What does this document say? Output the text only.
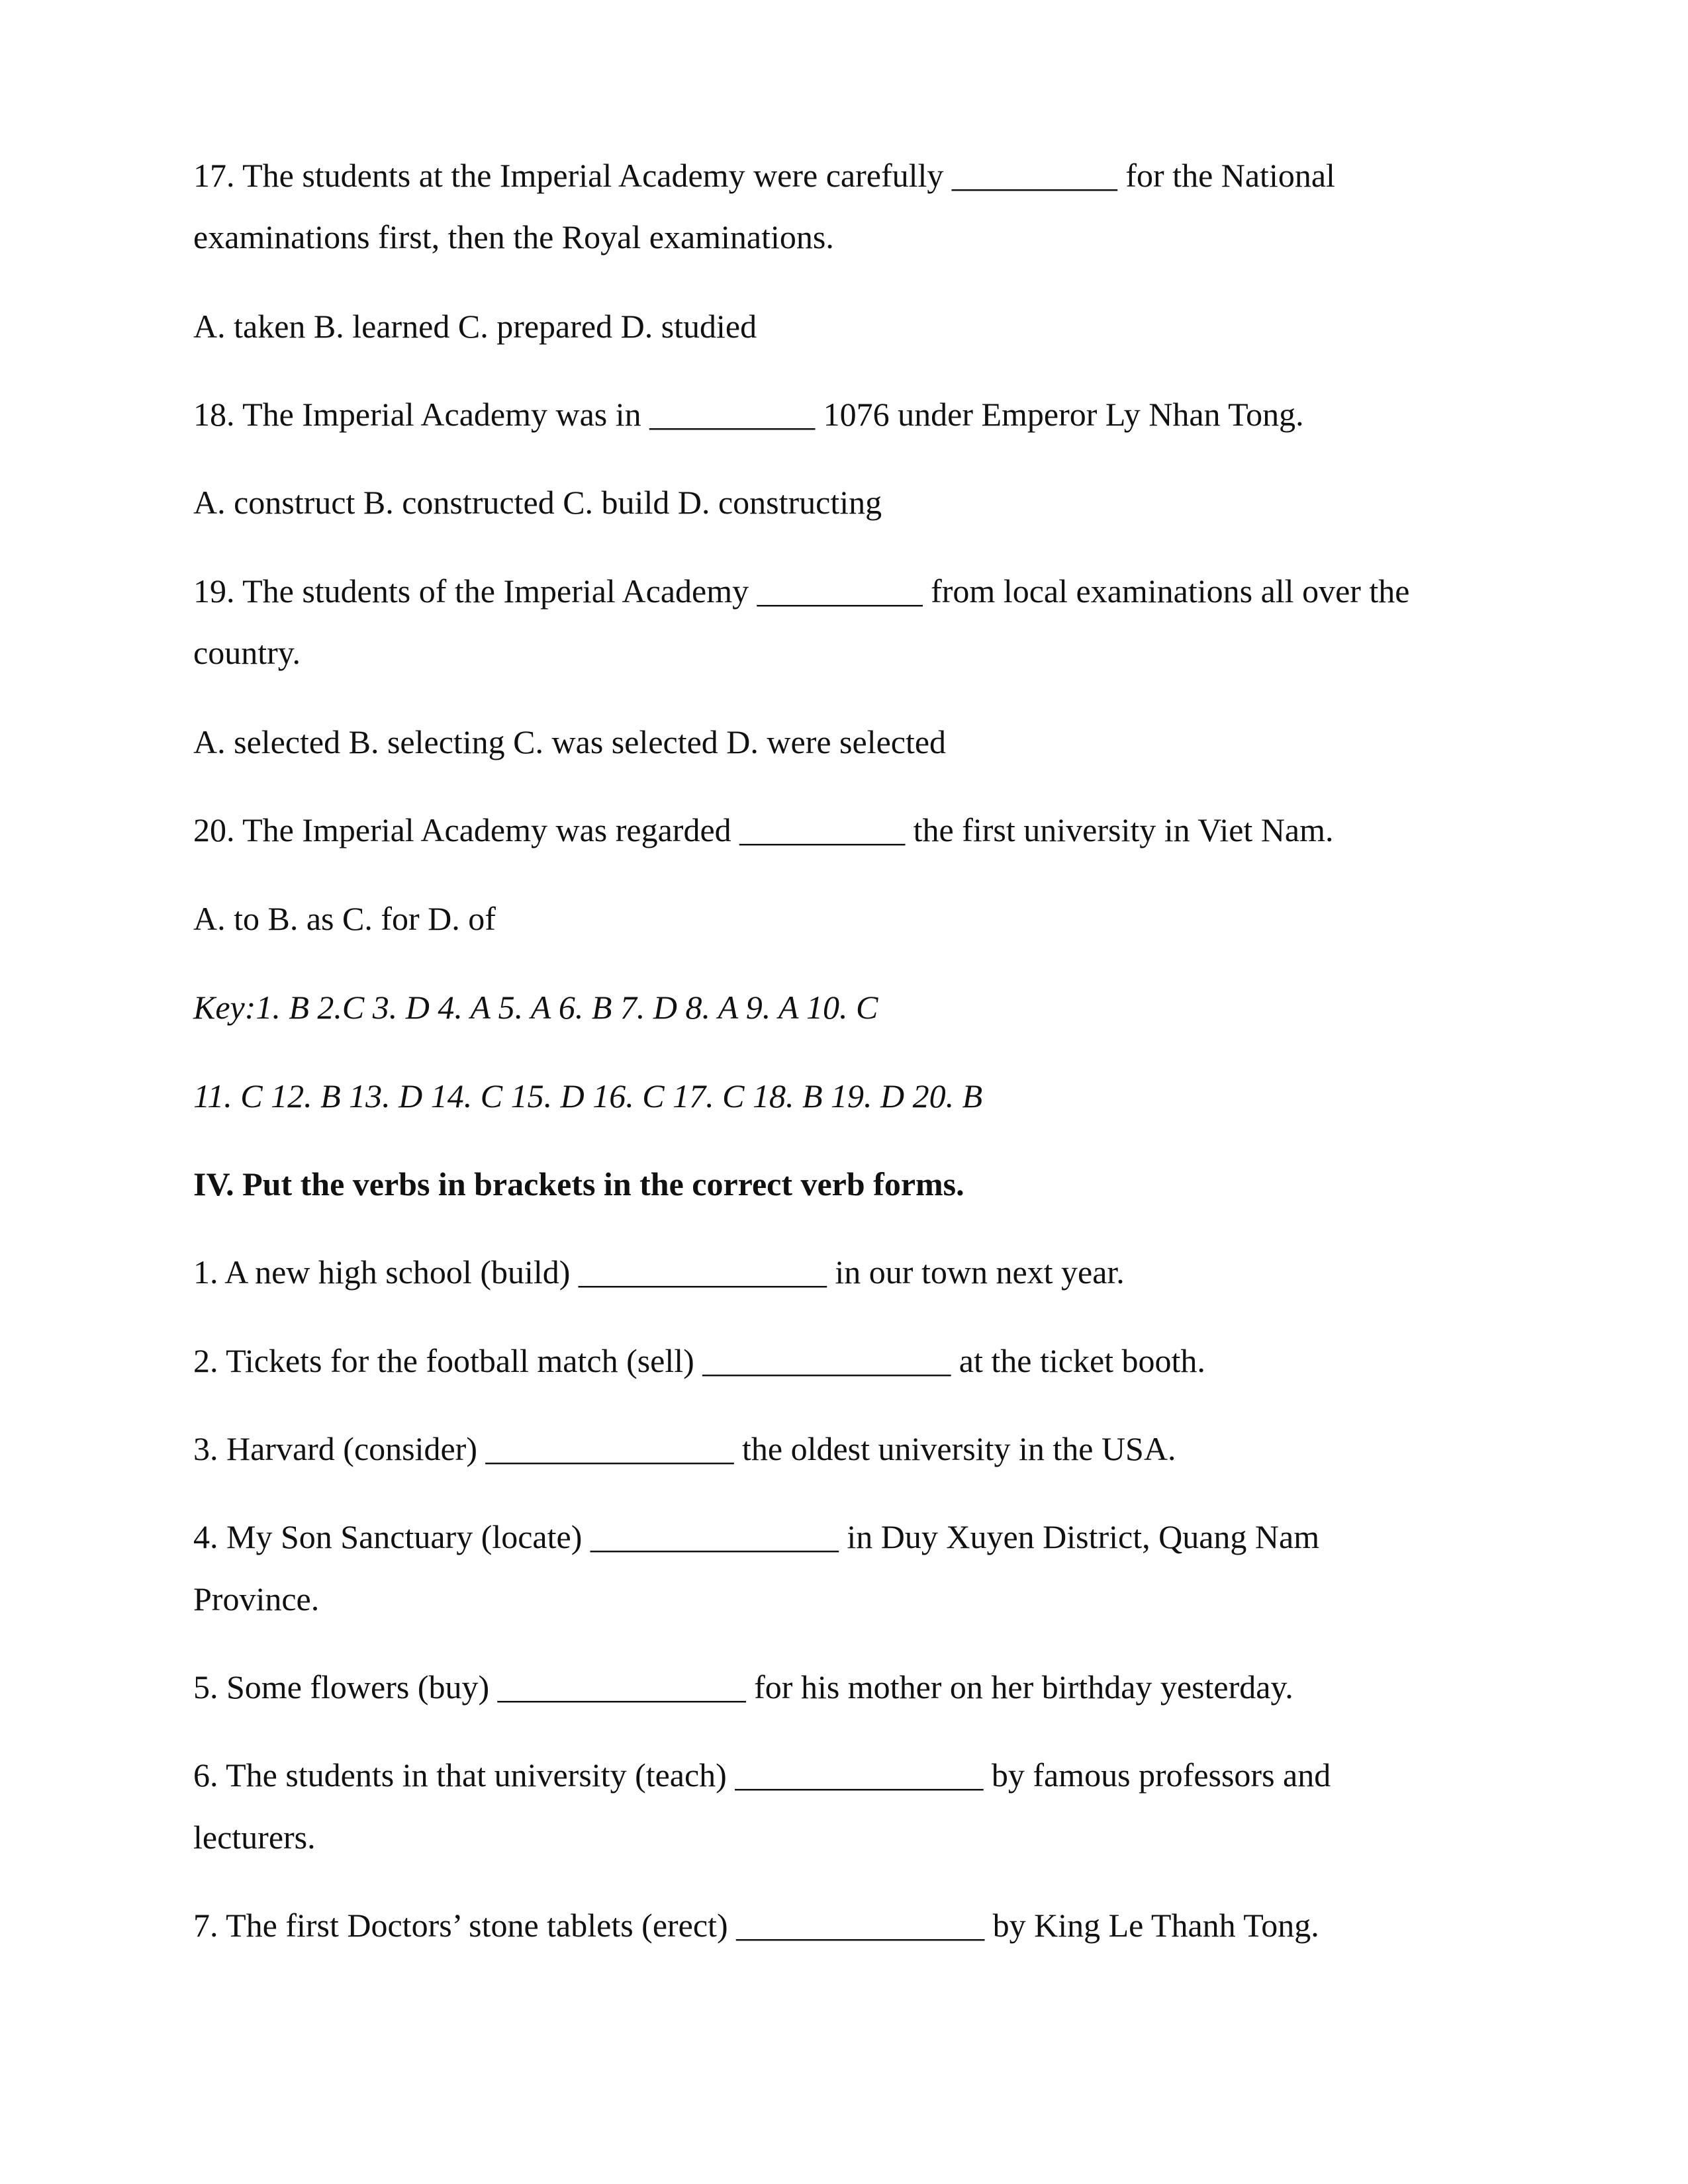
17. The students at the Imperial Academy were carefully __________ for the National
examinations first, then the Royal examinations.
A. taken B. learned C. prepared D. studied
18. The Imperial Academy was in __________ 1076 under Emperor Ly Nhan Tong.
A. construct B. constructed C. build D. constructing
19. The students of the Imperial Academy __________ from local examinations all over the
country.
A. selected B. selecting C. was selected D. were selected
20. The Imperial Academy was regarded __________ the first university in Viet Nam.
A. to B. as C. for D. of
Key:1. B 2.C 3. D 4. A 5. A 6. B 7. D 8. A 9. A 10. C
11. C 12. B 13. D 14. C 15. D 16. C 17. C 18. B 19. D 20. B
IV. Put the verbs in brackets in the correct verb forms.
1. A new high school (build) _______________ in our town next year.
2. Tickets for the football match (sell) _______________ at the ticket booth.
3. Harvard (consider) _______________ the oldest university in the USA.
4. My Son Sanctuary (locate) _______________ in Duy Xuyen District, Quang Nam
Province.
5. Some flowers (buy) _______________ for his mother on her birthday yesterday.
6. The students in that university (teach) _______________ by famous professors and
lecturers.
7. The first Doctors’ stone tablets (erect) _______________ by King Le Thanh Tong.
